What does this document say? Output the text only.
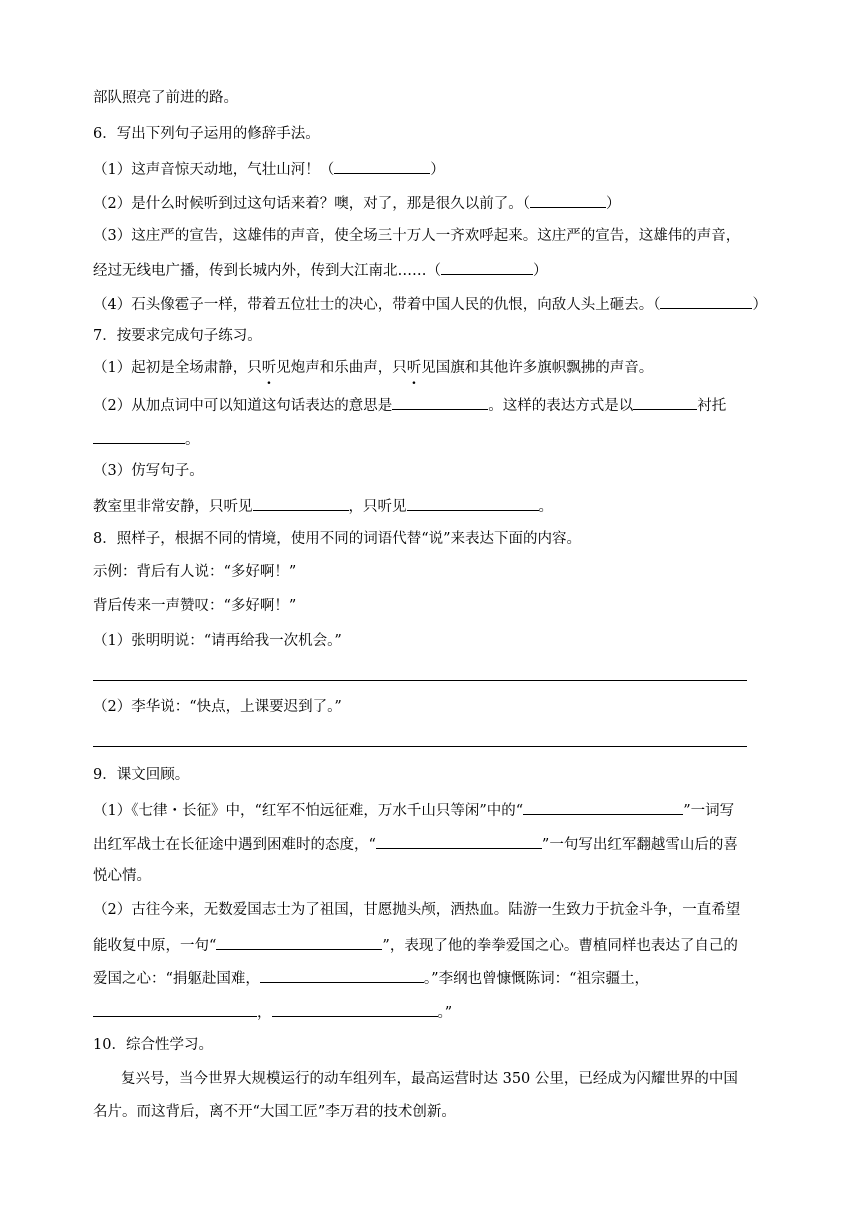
部队照亮了前进的路。
6．写出下列句子运用的修辞手法。
（1）这声音惊天动地，气壮山河！（	）
（2）是什么时候听到过这句话来着？噢，对了，那是很久以前了。（	）
（3）这庄严的宣告，这雄伟的声音，使全场三十万人一齐欢呼起来。这庄严的宣告，这雄伟的声音，
经过无线电广播，传到长城内外，传到大江南北……（	）
（4）石头像雹子一样，带着五位壮士的决心，带着中国人民的仇恨，向敌人头上砸去。（	）
7．按要求完成句子练习。
（1）起初是全场肃静，只听见炮声和乐曲声，只听见国旗和其他许多旗帜飘拂的声音。
（2）从加点词中可以知道这句话表达的意思是	。这样的表达方式是以	衬托
。
（3）仿写句子。
教室里非常安静，只听见	，只听见	。
8．照样子，根据不同的情境，使用不同的词语代替“说”来表达下面的内容。
示例：背后有人说：“多好啊！”
背后传来一声赞叹：“多好啊！”
（1）张明明说：“请再给我一次机会。”
（2）李华说：“快点，上课要迟到了。”
9．课文回顾。
（1）《七律・长征》中，“红军不怕远征难，万水千山只等闲”中的“	”一词写
出红军战士在长征途中遇到困难时的态度，“	”一句写出红军翻越雪山后的喜
悦心情。
（2）古往今来，无数爱国志士为了祖国，甘愿抛头颅，洒热血。陆游一生致力于抗金斗争，一直希望
能收复中原，一句“	”，表现了他的拳拳爱国之心。曹植同样也表达了自己的
爱国之心：“捐躯赴国难，	。”李纲也曾慷慨陈词：“祖宗疆土，
，	。”
10．综合性学习。
复兴号，当今世界大规模运行的动车组列车，最高运营时达 350 公里，已经成为闪耀世界的中国
名片。而这背后，离不开“大国工匠”李万君的技术创新。
